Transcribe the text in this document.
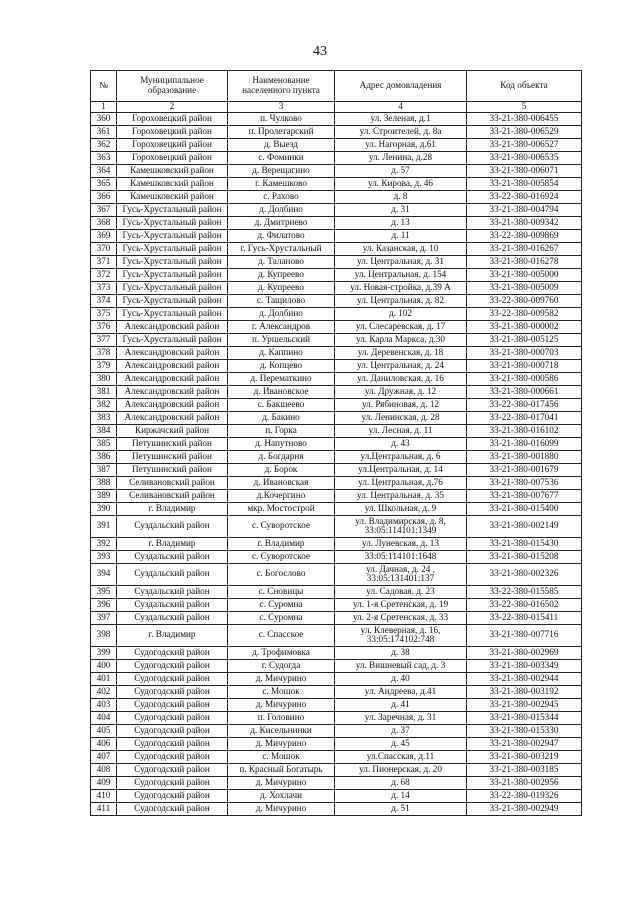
43
№	Муниципальное образование	Наименование населенного пункта	Адрес домовладения	Код объекта
1	2	3	4	5
360	Гороховецкий район	п. Чулково	ул. Зеленая, д.1	33-21-380-006455
361	Гороховецкий район	п. Пролетарский	ул. Строителей, д. 8а	33-21-380-006529
362	Гороховецкий район	д. Выезд	ул. Нагорная, д.61	33-21-380-006527
363	Гороховецкий район	с. Фоминки	ул. Ленина, д.28	33-21-380-006535
364	Камешковский район	д. Верещагино	д. 57	33-21-380-006071
365	Камешковский район	г. Камешково	ул. Кирова, д. 46	33-21-380-005854
366	Камешковский район	с. Рахово	д. 8	33-22-380-016924
367	Гусь-Хрустальный район	д. Долбино	д. 31	33-21-380-004794
368	Гусь-Хрустальный район	д. Дмитриево	д. 13	33-21-380-009342
369	Гусь-Хрустальный район	д. Филатово	д. 11	33-22-380-009869
370	Гусь-Хрустальный район	г. Гусь-Хрустальный	ул. Казанская, д. 10	33-21-380-016267
371	Гусь-Хрустальный район	д. Таланово	ул. Центральная, д. 31	33-21-380-016278
372	Гусь-Хрустальный район	д. Купреево	ул. Центральная, д. 154	33-21-380-005000
373	Гусь-Хрустальный район	д. Купреево	ул. Новая-стройка, д.39 А	33-21-380-005009
374	Гусь-Хрустальный район	с. Тащилово	ул. Центральная, д. 82	33-22-380-009760
375	Гусь-Хрустальный район	д. Долбино	д. 102	33-22-380-009582
376	Александровский район	г. Александров	ул. Слесаревская, д. 17	33-21-380-000002
377	Гусь-Хрустальный район	п. Уршельский	ул. Карла Маркса, д.30	33-21-380-005125
378	Александровский район	д. Каппино	ул. Деревенская, д. 18	33-21-380-000703
379	Александровский район	д. Копцево	ул. Центральная, д. 24	33-21-380-000718
380	Александровский район	д. Перематкино	ул. Даниловская, д. 16	33-21-380-000586
381	Александровский район	д. Ивановское	ул. Дружная, д. 12	33-21-380-000661
382	Александровский район	с. Бакшеево	ул. Рябиновая, д. 12	33-22-380-017456
383	Александровский район	д. Бакино	ул. Ленинская, д. 28	33-22-380-017041
384	Киржачский район	п. Горка	ул. Лесная, д. 11	33-21-380-016102
385	Петушинский район	д. Напутново	д. 43	33-21-380-016099
386	Петушинский район	д. Богдарня	ул.Центральная, д. 6	33-21-380-001880
387	Петушинский район	д. Борок	ул.Центральная, д. 14	33-21-380-001679
388	Селивановский район	д. Ивановская	ул. Центральная, д.76	33-21-380-007536
389	Селивановский район	д.Кочергино	ул. Центральная, д. 35	33-21-380-007677
390	г. Владимир	мкр. Мостострой	ул. Школьная, д. 9	33-21-380-015400
391	Суздальский район	с. Суворотское	ул. Владимирская, д. 8, 33:05:114101:1349	33-21-380-002149
392	г. Владимир	г. Владимир	ул. Луневская, д. 13	33-21-380-015430
393	Суздальский район	с. Суворотское	33:05:114101:1648	33-21-380-015208
394	Суздальский район	с. Богослово	ул. Дачная, д. 24 , 33:05:131401:137	33-21-380-002326
395	Суздальский район	с. Сновицы	ул. Садовая, д. 23	33-22-380-015585
396	Суздальский район	с. Суромна	ул. 1-я Сретенская, д. 19	33-22-380-016502
397	Суздальский район	с. Суромна	ул. 2-я Сретенская, д. 33	33-22-380-015411
398	г. Владимир	с. Спасское	ул. Клеверная, д. 16, 33:05:174102:748	33-21-380-007716
399	Судогодский район	д. Трофимовка	д. 38	33-21-380-002969
400	Судогодский район	г. Судогда	ул. Вишневый сад, д. 3	33-21-380-003349
401	Судогодский район	д. Мичурино	д. 40	33-21-380-002944
402	Судогодский район	с. Мошок	ул. Андреева, д.41	33-21-380-003192
403	Судогодский район	д. Мичурино	д. 41	33-21-380-002945
404	Судогодский район	п. Головино	ул. Заречная, д. 31	33-21-380-015344
405	Судогодский район	д. Кисельнинки	д. 37	33-21-380-015330
406	Судогодский район	д. Мичурино	д. 45	33-21-380-002947
407	Судогодский район	с. Мошок	ул.Спасская, д.11	33-21-380-003219
408	Судогодский район	п. Красный Богатырь	ул. Пионерская, д. 20	33-21-380-003185
409	Судогодский район	д. Мичурино	д. 68	33-21-380-002956
410	Судогодский район	д. Хохлачи	д. 14	33-22-380-019326
411	Судогодский район	д. Мичурино	д. 51	33-21-380-002949
